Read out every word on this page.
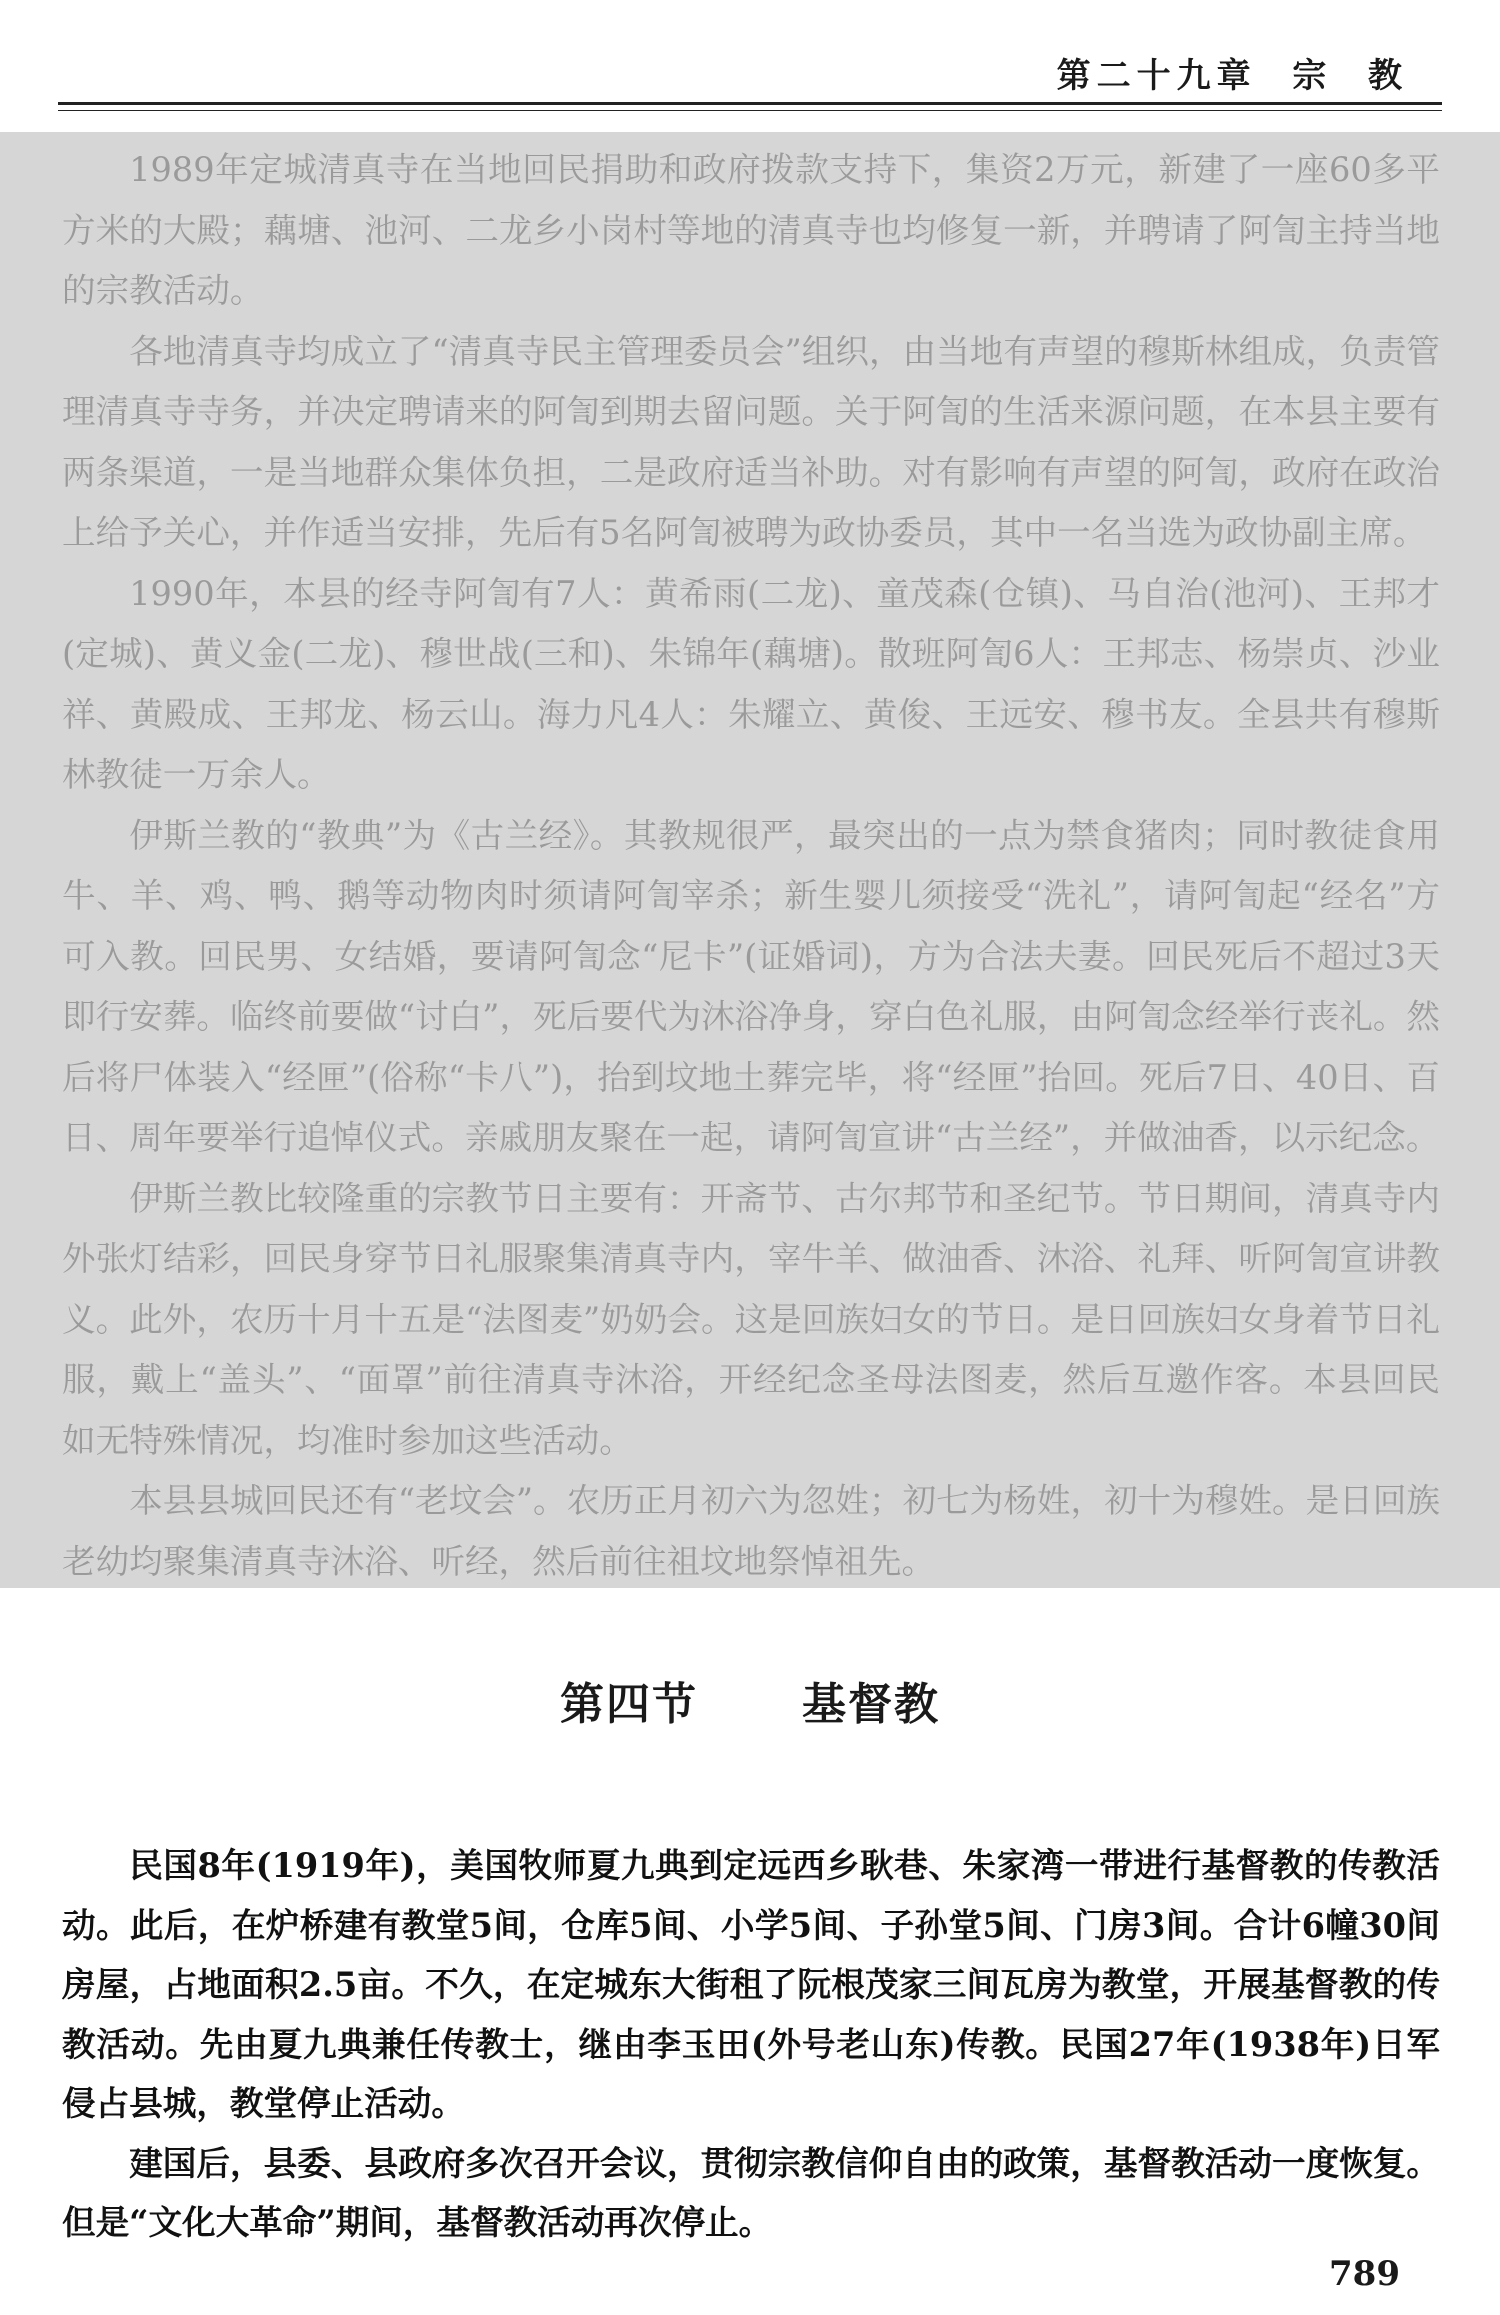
第二十九章  宗  教

1989年定城清真寺在当地回民捐助和政府拨款支持下，集资2万元，新建了一座60多平方米的大殿；藕塘、池河、二龙乡小岗村等地的清真寺也均修复一新，并聘请了阿訇主持当地的宗教活动。

各地清真寺均成立了“清真寺民主管理委员会”组织，由当地有声望的穆斯林组成，负责管理清真寺寺务，并决定聘请来的阿訇到期去留问题。关于阿訇的生活来源问题，在本县主要有两条渠道，一是当地群众集体负担，二是政府适当补助。对有影响有声望的阿訇，政府在政治上给予关心，并作适当安排，先后有5名阿訇被聘为政协委员，其中一名当选为政协副主席。

1990年，本县的经寺阿訇有7人：黄希雨(二龙)、童茂森(仓镇)、马自治(池河)、王邦才(定城)、黄义金(二龙)、穆世战(三和)、朱锦年(藕塘)。散班阿訇6人：王邦志、杨崇贞、沙业祥、黄殿成、王邦龙、杨云山。海力凡4人：朱耀立、黄俊、王远安、穆书友。全县共有穆斯林教徒一万余人。

伊斯兰教的“教典”为《古兰经》。其教规很严，最突出的一点为禁食猪肉；同时教徒食用牛、羊、鸡、鸭、鹅等动物肉时须请阿訇宰杀；新生婴儿须接受“洗礼”，请阿訇起“经名”方可入教。回民男、女结婚，要请阿訇念“尼卡”(证婚词)，方为合法夫妻。回民死后不超过3天即行安葬。临终前要做“讨白”，死后要代为沐浴净身，穿白色礼服，由阿訇念经举行丧礼。然后将尸体装入“经匣”(俗称“卡八”)，抬到坟地土葬完毕，将“经匣”抬回。死后7日、40日、百日、周年要举行追悼仪式。亲戚朋友聚在一起，请阿訇宣讲“古兰经”，并做油香，以示纪念。

伊斯兰教比较隆重的宗教节日主要有：开斋节、古尔邦节和圣纪节。节日期间，清真寺内外张灯结彩，回民身穿节日礼服聚集清真寺内，宰牛羊、做油香、沐浴、礼拜、听阿訇宣讲教义。此外，农历十月十五是“法图麦”奶奶会。这是回族妇女的节日。是日回族妇女身着节日礼服，戴上“盖头”、“面罩”前往清真寺沐浴，开经纪念圣母法图麦，然后互邀作客。本县回民如无特殊情况，均准时参加这些活动。

本县县城回民还有“老坟会”。农历正月初六为忽姓；初七为杨姓，初十为穆姓。是日回族老幼均聚集清真寺沐浴、听经，然后前往祖坟地祭悼祖先。

第四节      基督教

民国8年(1919年)，美国牧师夏九典到定远西乡耿巷、朱家湾一带进行基督教的传教活动。此后，在炉桥建有教堂5间，仓库5间、小学5间、子孙堂5间、门房3间。合计6幢30间房屋，占地面积2.5亩。不久，在定城东大街租了阮根茂家三间瓦房为教堂，开展基督教的传教活动。先由夏九典兼任传教士，继由李玉田(外号老山东)传教。民国27年(1938年)日军侵占县城，教堂停止活动。

建国后，县委、县政府多次召开会议，贯彻宗教信仰自由的政策，基督教活动一度恢复。但是“文化大革命”期间，基督教活动再次停止。

789
